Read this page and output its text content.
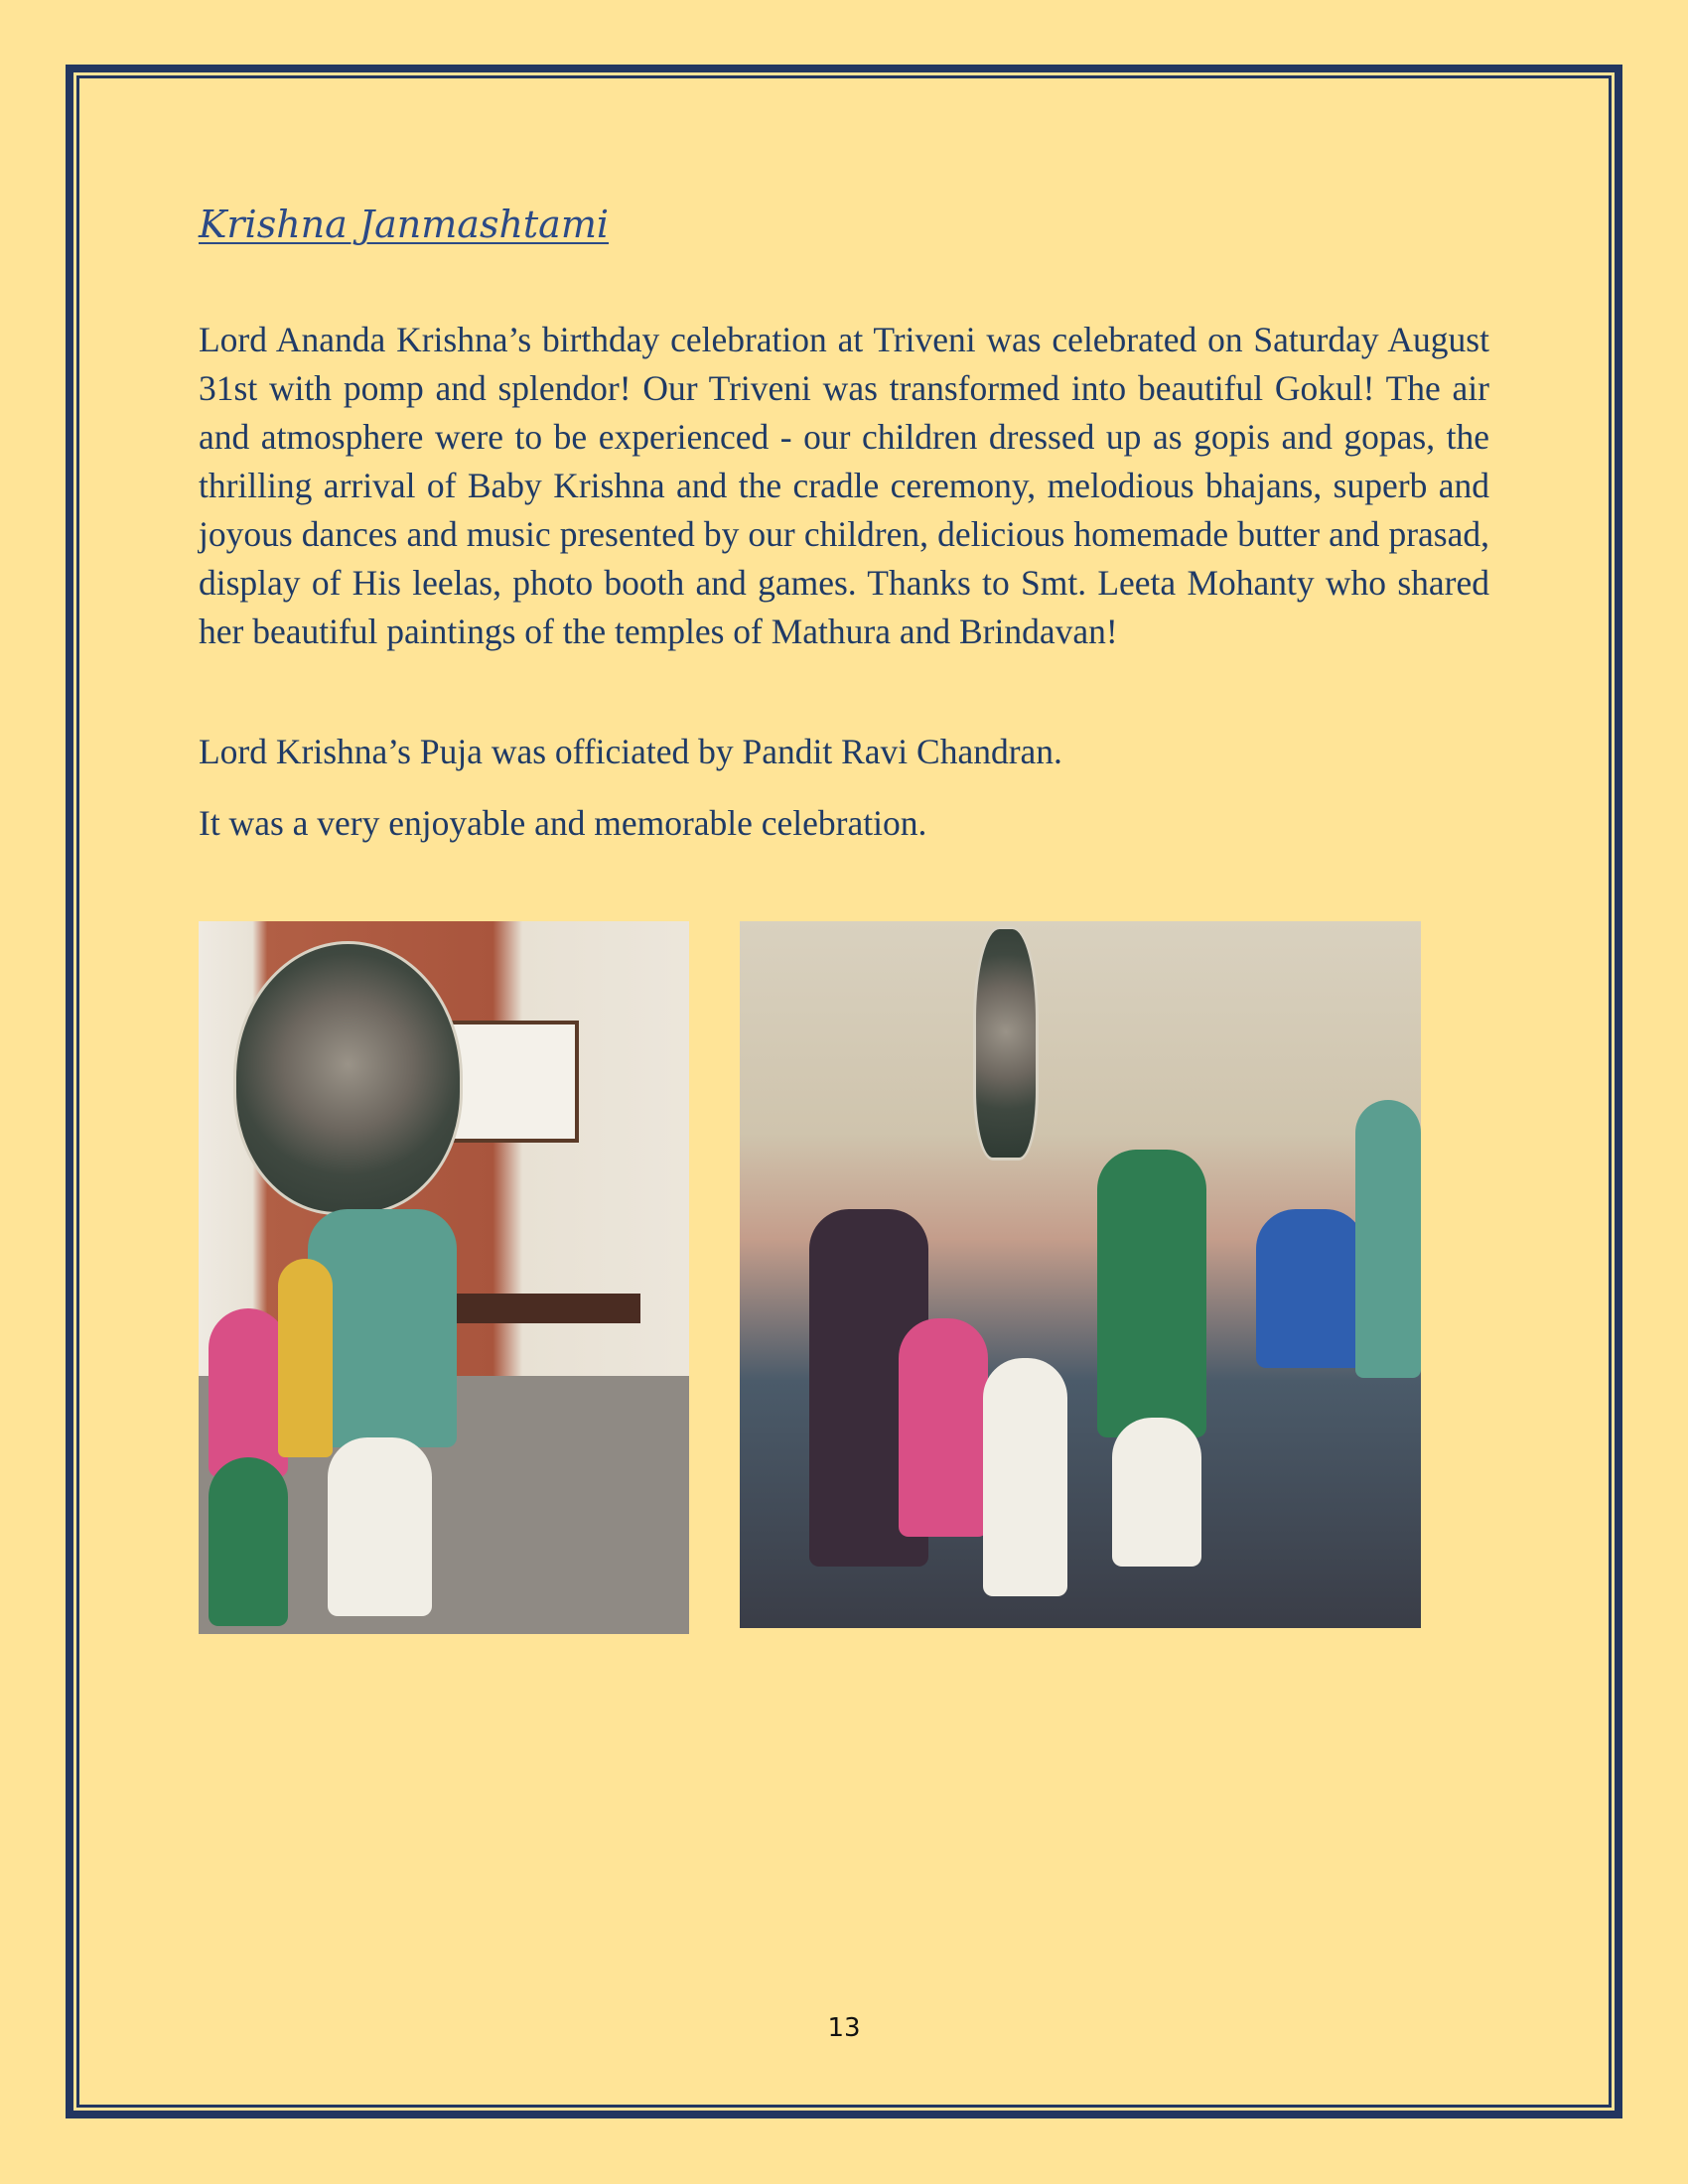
Krishna Janmashtami

Lord Ananda Krishna’s birthday celebration at Triveni was celebrated on Saturday August 31st with pomp and splendor! Our Triveni was transformed into beautiful Gokul! The air and atmosphere were to be experienced - our children dressed up as gopis and gopas, the thrilling arrival of Baby Krishna and the cradle ceremony, melodious bhajans, superb and joyous dances and music presented by our children, delicious homemade butter and prasad, display of His leelas, photo booth and games. Thanks to Smt. Leeta Mohanty who shared her beautiful paintings of the temples of Mathura and Brindavan!

Lord Krishna’s Puja was officiated by Pandit Ravi Chandran.

It was a very enjoyable and memorable celebration.

13
